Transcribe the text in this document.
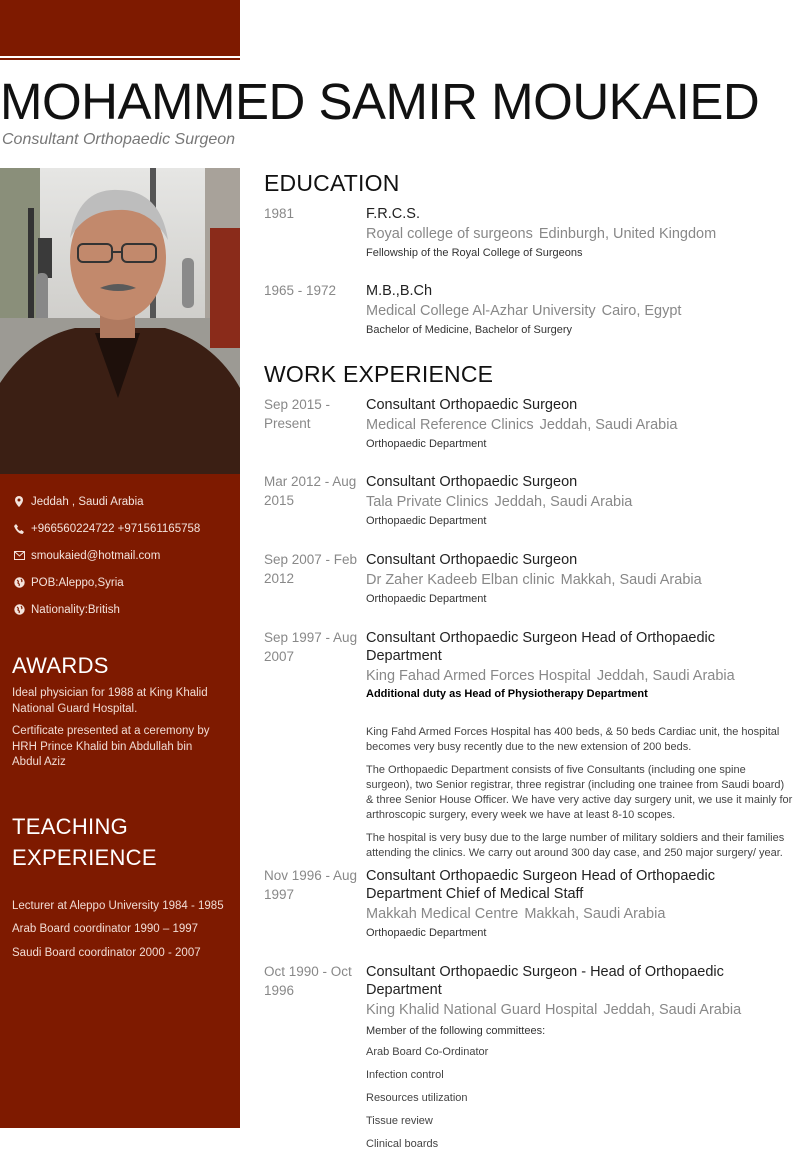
MOHAMMED SAMIR MOUKAIED
Consultant Orthopaedic Surgeon
Jeddah , Saudi Arabia
+966560224722 +971561165758
smoukaied@hotmail.com
POB:Aleppo,Syria
Nationality:British
AWARDS

Ideal physician for 1988 at King Khalid National Guard Hospital.

Certificate presented at a ceremony by HRH Prince Khalid bin Abdullah bin Abdul Aziz

TEACHING
EXPERIENCE

Lecturer at Aleppo University 1984 - 1985

Arab Board coordinator 1990 – 1997

Saudi Board coordinator 2000 - 2007

EDUCATION
1981	F.R.C.S.
Royal college of surgeons Edinburgh, United Kingdom
Fellowship of the Royal College of Surgeons
1965 - 1972	M.B.,B.Ch
Medical College Al-Azhar University Cairo, Egypt
Bachelor of Medicine, Bachelor of Surgery
WORK EXPERIENCE
Sep 2015 - Present
Consultant Orthopaedic Surgeon
Medical Reference Clinics Jeddah, Saudi Arabia
Orthopaedic Department
Mar 2012 - Aug 2015
Consultant Orthopaedic Surgeon
Tala Private Clinics Jeddah, Saudi Arabia
Orthopaedic Department
Sep 2007 - Feb 2012
Consultant Orthopaedic Surgeon
Dr Zaher Kadeeb Elban clinic Makkah, Saudi Arabia
Orthopaedic Department
Sep 1997 - Aug 2007
Consultant Orthopaedic Surgeon Head of Orthopaedic Department
King Fahad Armed Forces Hospital Jeddah, Saudi Arabia
Additional duty as Head of Physiotherapy Department

King Fahd Armed Forces Hospital has 400 beds, & 50 beds Cardiac unit, the hospital becomes very busy recently due to the new extension of 200 beds.

The Orthopaedic Department consists of five Consultants (including one spine surgeon), two Senior registrar, three registrar (including one trainee from Saudi board) & three Senior House Officer. We have very active day surgery unit, we use it mainly for arthroscopic surgery, every week we have at least 8-10 scopes.

The hospital is very busy due to the large number of military soldiers and their families attending the clinics. We carry out around 300 day case, and 250 major surgery/ year.

Nov 1996 - Aug 1997
Consultant Orthopaedic Surgeon Head of Orthopaedic Department Chief of Medical Staff
Makkah Medical Centre Makkah, Saudi Arabia
Orthopaedic Department
Oct 1990 - Oct 1996
Consultant Orthopaedic Surgeon - Head of Orthopaedic Department
King Khalid National Guard Hospital Jeddah, Saudi Arabia
Member of the following committees:
Arab Board Co-Ordinator
Infection control
Resources utilization
Tissue review
Clinical boards
